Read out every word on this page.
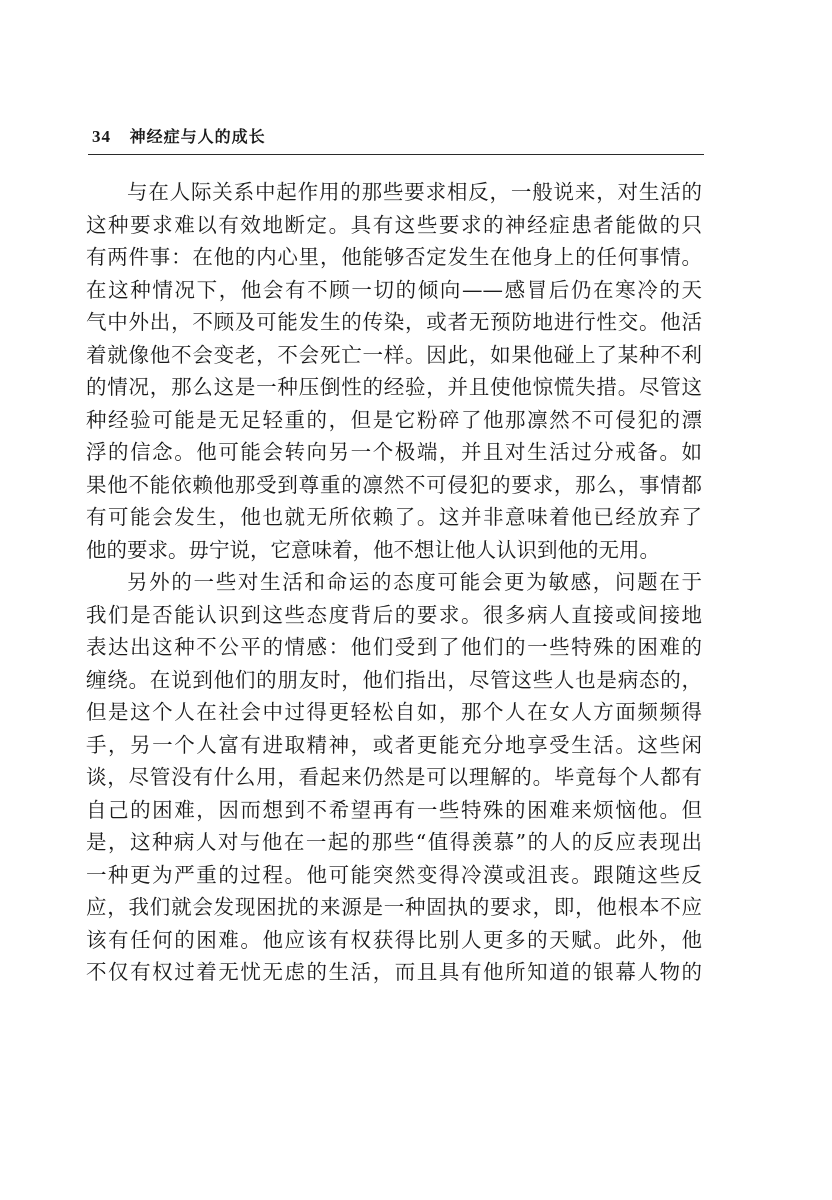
34 神经症与人的成长
与在人际关系中起作用的那些要求相反，一般说来，对生活的
这种要求难以有效地断定。具有这些要求的神经症患者能做的只
有两件事：在他的内心里，他能够否定发生在他身上的任何事情。
在这种情况下，他会有不顾一切的倾向——感冒后仍在寒冷的天
气中外出，不顾及可能发生的传染，或者无预防地进行性交。他活
着就像他不会变老，不会死亡一样。因此，如果他碰上了某种不利
的情况，那么这是一种压倒性的经验，并且使他惊慌失措。尽管这
种经验可能是无足轻重的，但是它粉碎了他那凛然不可侵犯的漂
浮的信念。他可能会转向另一个极端，并且对生活过分戒备。如
果他不能依赖他那受到尊重的凛然不可侵犯的要求，那么，事情都
有可能会发生，他也就无所依赖了。这并非意味着他已经放弃了
他的要求。毋宁说，它意味着，他不想让他人认识到他的无用。
另外的一些对生活和命运的态度可能会更为敏感，问题在于
我们是否能认识到这些态度背后的要求。很多病人直接或间接地
表达出这种不公平的情感：他们受到了他们的一些特殊的困难的
缠绕。在说到他们的朋友时，他们指出，尽管这些人也是病态的，
但是这个人在社会中过得更轻松自如，那个人在女人方面频频得
手，另一个人富有进取精神，或者更能充分地享受生活。这些闲
谈，尽管没有什么用，看起来仍然是可以理解的。毕竟每个人都有
自己的困难，因而想到不希望再有一些特殊的困难来烦恼他。但
是，这种病人对与他在一起的那些“值得羡慕”的人的反应表现出
一种更为严重的过程。他可能突然变得冷漠或沮丧。跟随这些反
应，我们就会发现困扰的来源是一种固执的要求，即，他根本不应
该有任何的困难。他应该有权获得比别人更多的天赋。此外，他
不仅有权过着无忧无虑的生活，而且具有他所知道的银幕人物的
